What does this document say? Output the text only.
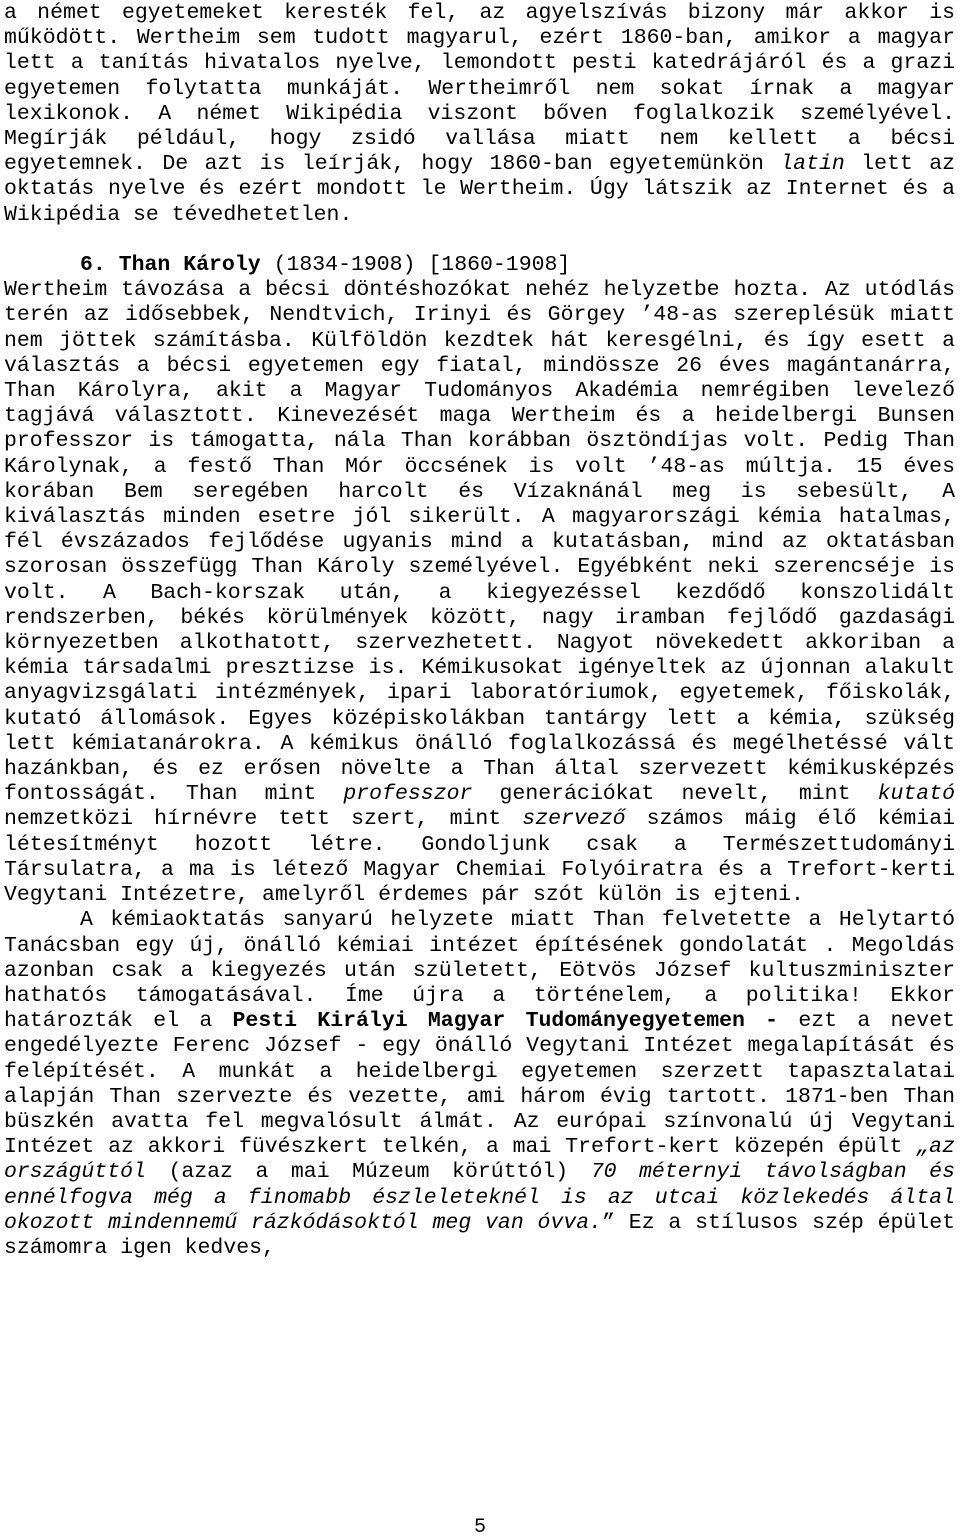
a német egyetemeket keresték fel, az agyelszívás bizony már akkor is működött. Wertheim sem tudott magyarul, ezért 1860-ban, amikor a magyar lett a tanítás hivatalos nyelve, lemondott pesti katedrájáról és a grazi egyetemen folytatta munkáját. Wertheimről nem sokat írnak a magyar lexikonok. A német Wikipédia viszont bőven foglalkozik személyével. Megírják például, hogy zsidó vallása miatt nem kellett a bécsi egyetemnek. De azt is leírják, hogy 1860-ban egyetemünkön latin lett az oktatás nyelve és ezért mondott le Wertheim. Úgy látszik az Internet és a Wikipédia se tévedhetetlen.

6. Than Károly (1834-1908) [1860-1908]

Wertheim távozása a bécsi döntéshozókat nehéz helyzetbe hozta. Az utódlás terén az idősebbek, Nendtvich, Irinyi és Görgey ’48-as szereplésük miatt nem jöttek számításba. Külföldön kezdtek hát keresgélni, és így esett a választás a bécsi egyetemen egy fiatal, mindössze 26 éves magántanárra, Than Károlyra, akit a Magyar Tudományos Akadémia nemrégiben levelező tagjává választott. Kinevezését maga Wertheim és a heidelbergi Bunsen professzor is támogatta, nála Than korábban ösztöndíjas volt. Pedig Than Károlynak, a festő Than Mór öccsének is volt ’48-as múltja. 15 éves korában Bem seregében harcolt és Vízaknánál meg is sebesült, A kiválasztás minden esetre jól sikerült. A magyarországi kémia hatalmas, fél évszázados fejlődése ugyanis mind a kutatásban, mind az oktatásban szorosan összefügg Than Károly személyével. Egyébként neki szerencséje is volt. A Bach-korszak után, a kiegyezéssel kezdődő konszolidált rendszerben, békés körülmények között, nagy iramban fejlődő gazdasági környezetben alkothatott, szervezhetett. Nagyot növekedett akkoriban a kémia társadalmi presztizse is. Kémikusokat igényeltek az újonnan alakult anyagvizsgálati intézmények, ipari laboratóriumok, egyetemek, főiskolák, kutató állomások. Egyes középiskolákban tantárgy lett a kémia, szükség lett kémiatanárokra. A kémikus önálló foglalkozássá és megélhetéssé vált hazánkban, és ez erősen növelte a Than által szervezett kémikusképzés fontosságát. Than mint professzor generációkat nevelt, mint kutató nemzetközi hírnévre tett szert, mint szervező számos máig élő kémiai létesítményt hozott létre. Gondoljunk csak a Természettudományi Társulatra, a ma is létező Magyar Chemiai Folyóiratra és a Trefort-kerti Vegytani Intézetre, amelyről érdemes pár szót külön is ejteni.

A kémiaoktatás sanyarú helyzete miatt Than felvetette a Helytartó Tanácsban egy új, önálló kémiai intézet építésének gondolatát . Megoldás azonban csak a kiegyezés után született, Eötvös József kultuszminiszter hathatós támogatásával. Íme újra a történelem, a politika! Ekkor határozták el a Pesti Királyi Magyar Tudományegyetemen - ezt a nevet engedélyezte Ferenc József - egy önálló Vegytani Intézet megalapítását és felépítését. A munkát a heidelbergi egyetemen szerzett tapasztalatai alapján Than szervezte és vezette, ami három évig tartott. 1871-ben Than büszkén avatta fel megvalósult álmát. Az európai színvonalú új Vegytani Intézet az akkori füvészkert telkén, a mai Trefort-kert közepén épült „az országúttól (azaz a mai Múzeum körúttól) 70 méternyi távolságban és ennélfogva még a finomabb észleleteknél is az utcai közlekedés által okozott mindennemű rázkódásoktól meg van óvva.” Ez a stílusos szép épület számomra igen kedves,

5
